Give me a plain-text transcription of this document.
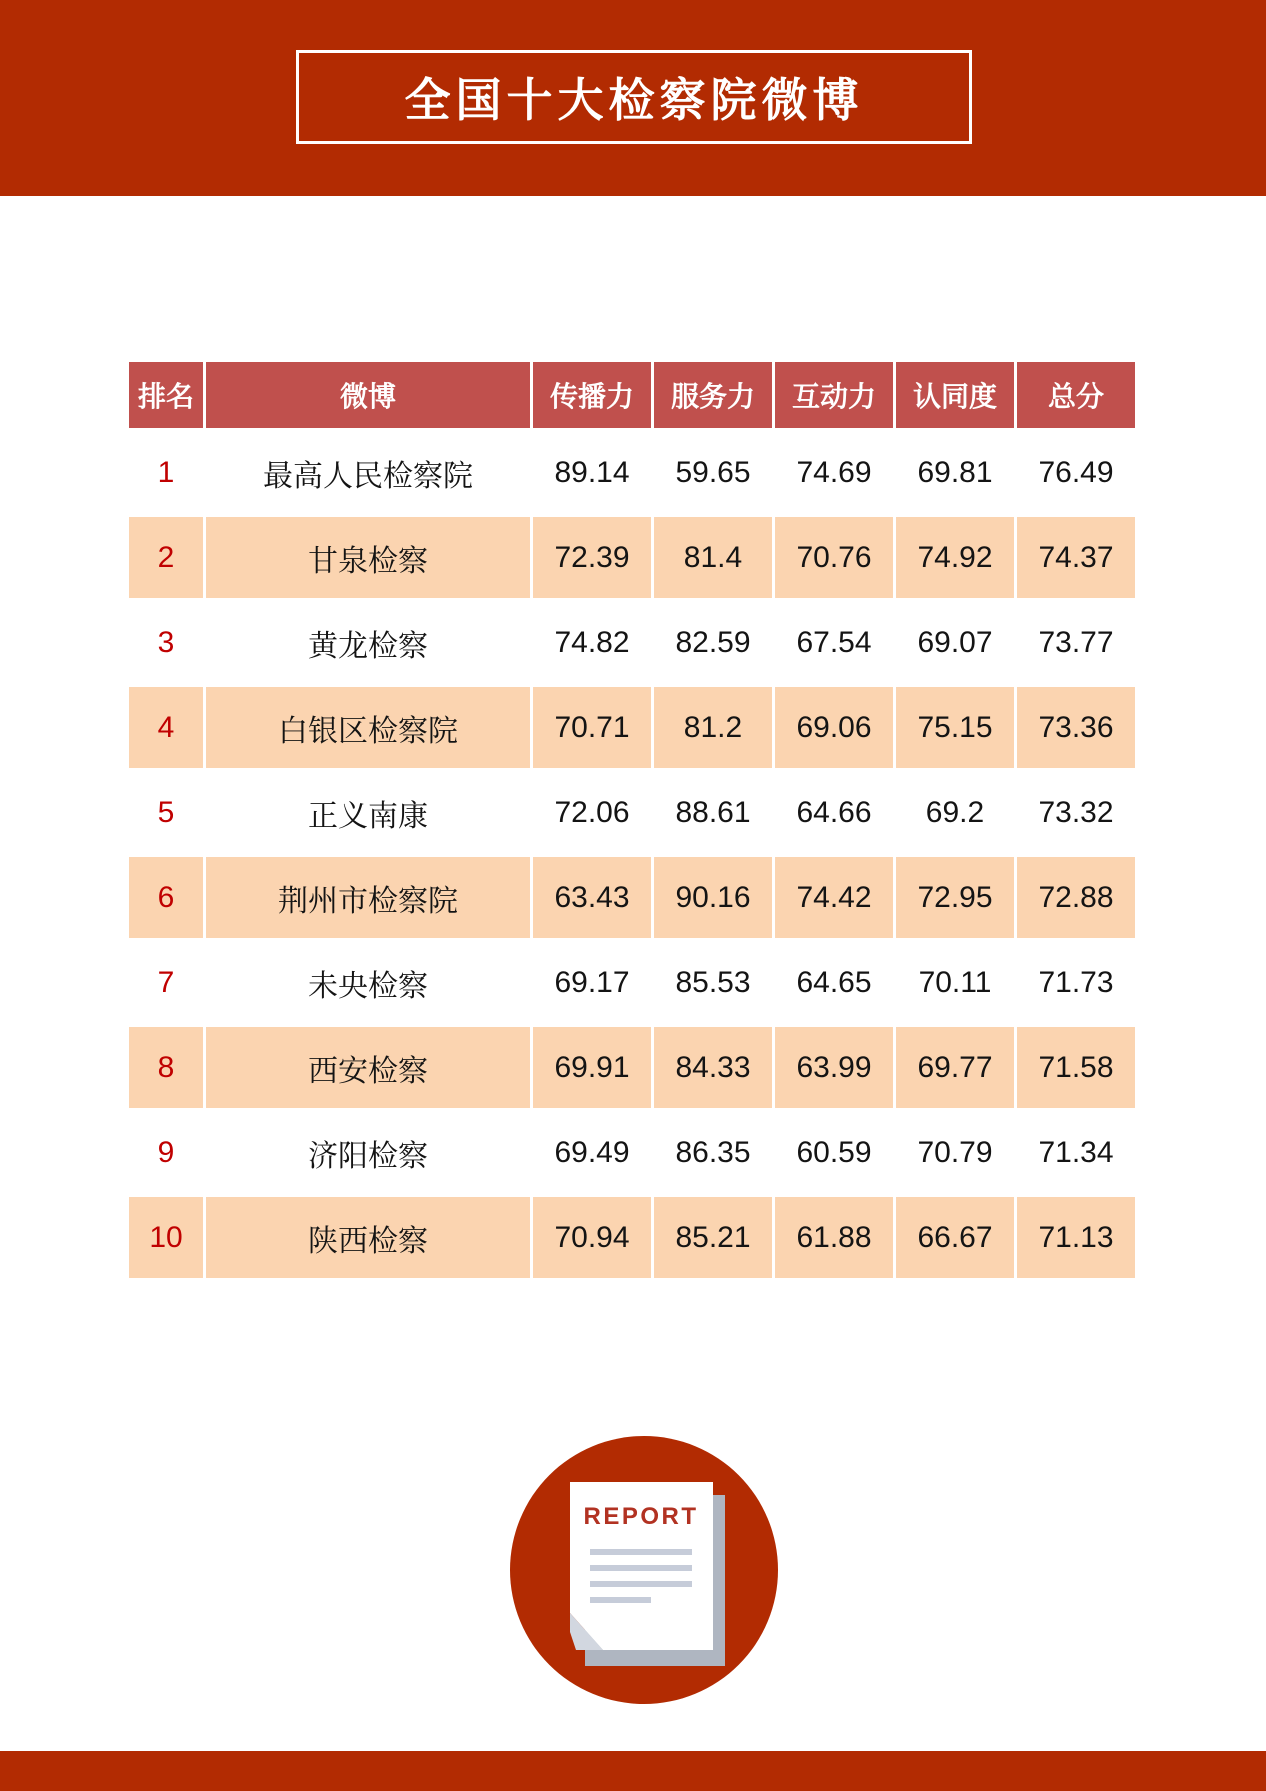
全国十大检察院微博
排名	微博	传播力	服务力	互动力	认同度	总分
1	最高人民检察院	89.14	59.65	74.69	69.81	76.49
2	甘泉检察	72.39	81.4	70.76	74.92	74.37
3	黄龙检察	74.82	82.59	67.54	69.07	73.77
4	白银区检察院	70.71	81.2	69.06	75.15	73.36
5	正义南康	72.06	88.61	64.66	69.2	73.32
6	荆州市检察院	63.43	90.16	74.42	72.95	72.88
7	未央检察	69.17	85.53	64.65	70.11	71.73
8	西安检察	69.91	84.33	63.99	69.77	71.58
9	济阳检察	69.49	86.35	60.59	70.79	71.34
10	陕西检察	70.94	85.21	61.88	66.67	71.13
REPORT
